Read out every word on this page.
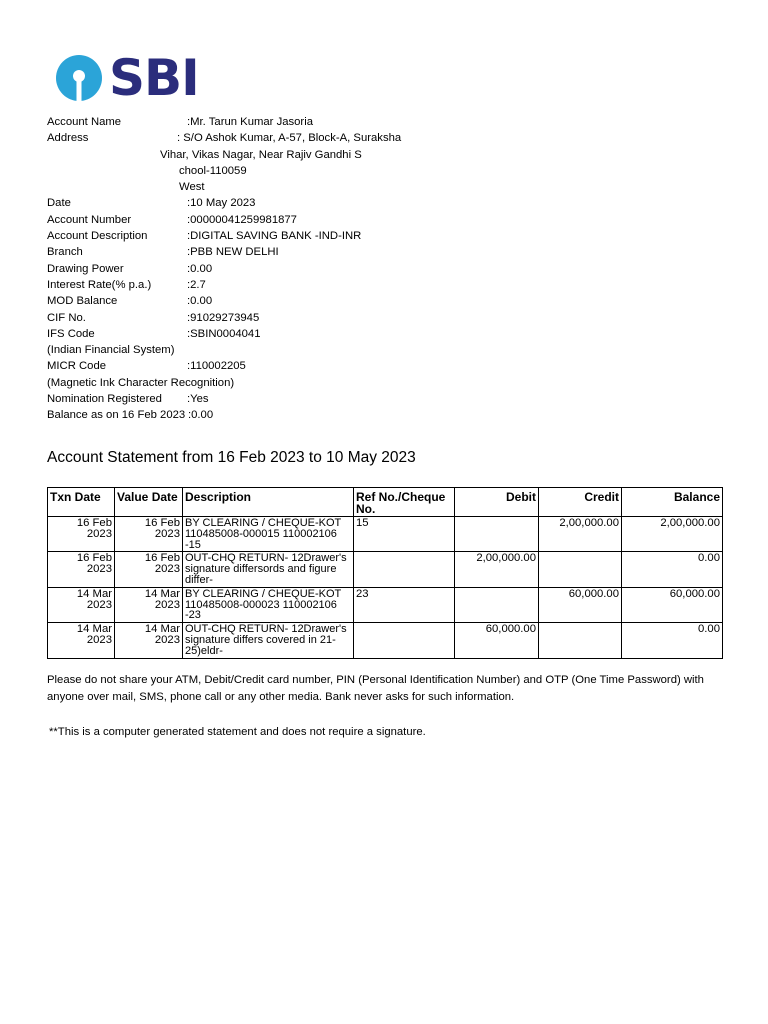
SBI
Account Name	:Mr. Tarun Kumar Jasoria
Address	: S/O Ashok Kumar, A-57, Block-A, Suraksha
Vihar, Vikas Nagar, Near Rajiv Gandhi S
chool-110059
West
Date	:10 May 2023
Account Number	:00000041259981877
Account Description	:DIGITAL SAVING BANK -IND-INR
Branch	:PBB NEW DELHI
Drawing Power	:0.00
Interest Rate(% p.a.)	:2.7
MOD Balance	:0.00
CIF No.	:91029273945
IFS Code	:SBIN0004041
(Indian Financial System)
MICR Code	:110002205
(Magnetic Ink Character Recognition)
Nomination Registered :Yes
Balance as on 16 Feb 2023 :0.00
Account Statement from 16 Feb 2023 to 10 May 2023
Txn Date	Value Date	Description	Ref No./Cheque No.	Debit	Credit	Balance
16 Feb 2023	16 Feb 2023	BY CLEARING / CHEQUE-KOT 110485008-000015 110002106 -15	15		2,00,000.00	2,00,000.00
16 Feb 2023	16 Feb 2023	OUT-CHQ RETURN- 12Drawer's signature differsords and figure differ-		2,00,000.00		0.00
14 Mar 2023	14 Mar 2023	BY CLEARING / CHEQUE-KOT 110485008-000023 110002106 -23	23		60,000.00	60,000.00
14 Mar 2023	14 Mar 2023	OUT-CHQ RETURN- 12Drawer's signature differs covered in 21-25)eldr-		60,000.00		0.00
Please do not share your ATM, Debit/Credit card number, PIN (Personal Identification Number) and OTP (One Time Password) with anyone over mail, SMS, phone call or any other media. Bank never asks for such information.
**This is a computer generated statement and does not require a signature.
